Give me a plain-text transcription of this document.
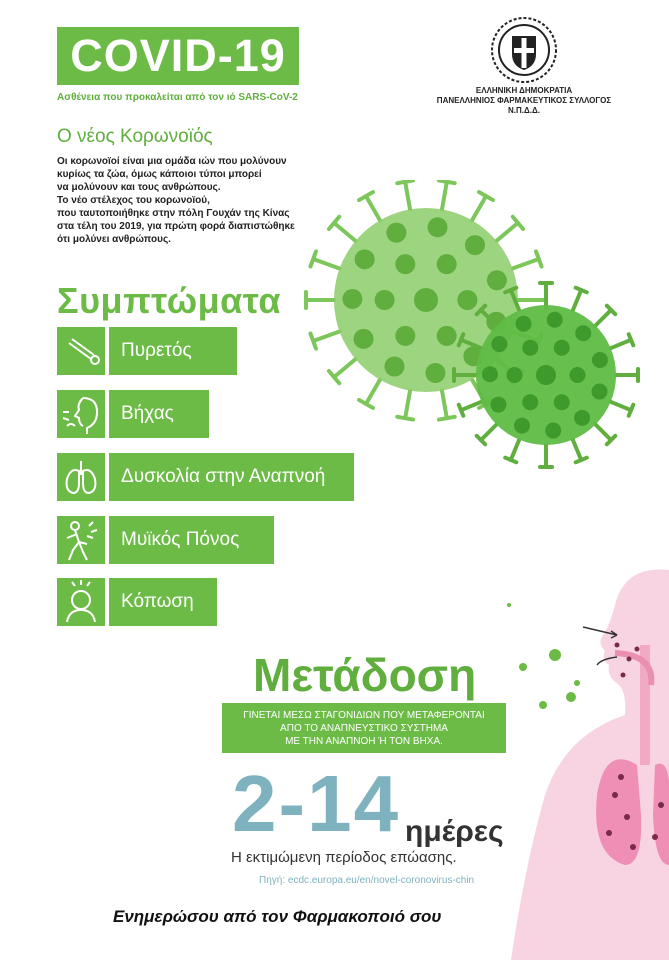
COVID-19
Ασθένεια που προκαλείται από τον ιό SARS-CoV-2
ΕΛΛΗΝΙΚΗ ΔΗΜΟΚΡΑΤΙΑ
ΠΑΝΕΛΛΗΝΙΟΣ ΦΑΡΜΑΚΕΥΤΙΚΟΣ ΣΥΛΛΟΓΟΣ
Ν.Π.Δ.Δ.
Ο νέος Κορωνοϊός
Οι κορωνοϊοί είναι μια ομάδα ιών που μολύνουν
κυρίως τα ζώα, όμως κάποιοι τύποι μπορεί
να μολύνουν και τους ανθρώπους.
Το νέο στέλεχος του κορωνοϊού,
που ταυτοποιήθηκε στην πόλη Γουχάν της Κίνας
στα τέλη του 2019, για πρώτη φορά διαπιστώθηκε
ότι μολύνει ανθρώπους.
Συμπτώματα
Πυρετός
Βήχας
Δυσκολία στην Αναπνοή
Μυϊκός Πόνος
Κόπωση
Μετάδοση
ΓΙΝΕΤΑΙ ΜΕΣΩ ΣΤΑΓΟΝΙΔΙΩΝ ΠΟΥ ΜΕΤΑΦΕΡΟΝΤΑΙ
ΑΠΟ ΤΟ ΑΝΑΠΝΕΥΣΤΙΚΟ ΣΥΣΤΗΜΑ
ΜΕ ΤΗΝ ΑΝΑΠΝΟΗ Ή ΤΟΝ ΒΗΧΑ.
2-14 ημέρες
Η εκτιμώμενη περίοδος επώασης.
Πηγή: ecdc.europa.eu/en/novel-coronovirus-chin
Ενημερώσου από τον Φαρμακοποιό σου
